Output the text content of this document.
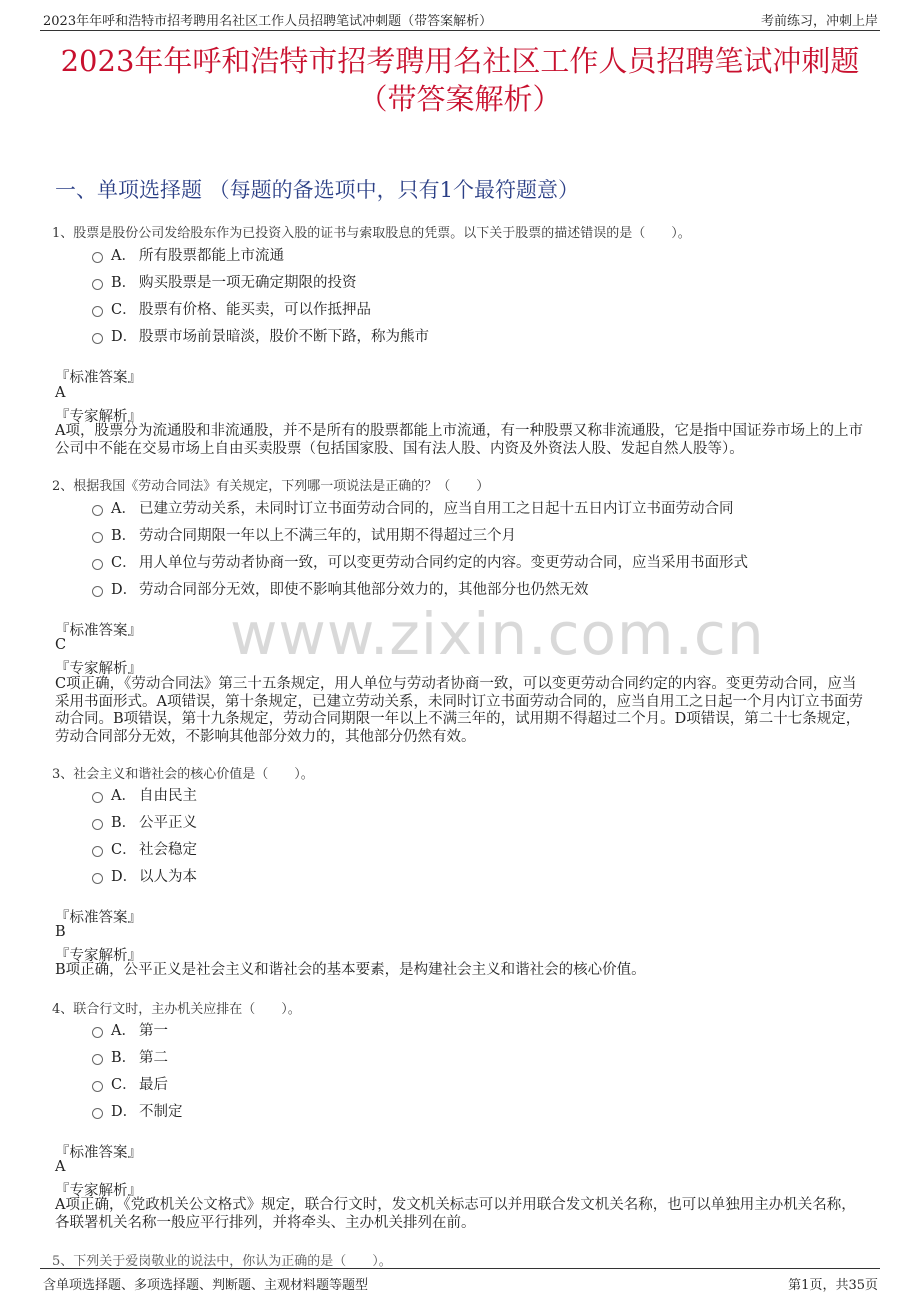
2023年年呼和浩特市招考聘用名社区工作人员招聘笔试冲刺题（带答案解析）	考前练习，冲刺上岸
2023年年呼和浩特市招考聘用名社区工作人员招聘笔试冲刺题
（带答案解析）
一、单项选择题 （每题的备选项中，只有1个最符题意）
www.zixin.com.cn
1、股票是股份公司发给股东作为已投资入股的证书与索取股息的凭票。以下关于股票的描述错误的是（　　）。
A． 所有股票都能上市流通
B． 购买股票是一项无确定期限的投资
C． 股票有价格、能买卖，可以作抵押品
D． 股票市场前景暗淡，股价不断下路，称为熊市
『标准答案』
A
『专家解析』
A项，股票分为流通股和非流通股，并不是所有的股票都能上市流通，有一种股票又称非流通股，它是指中国证券市场上的上市公司中不能在交易市场上自由买卖股票（包括国家股、国有法人股、内资及外资法人股、发起自然人股等）。
2、根据我国《劳动合同法》有关规定，下列哪一项说法是正确的？（　　）
A． 已建立劳动关系，未同时订立书面劳动合同的，应当自用工之日起十五日内订立书面劳动合同
B． 劳动合同期限一年以上不满三年的，试用期不得超过三个月
C． 用人单位与劳动者协商一致，可以变更劳动合同约定的内容。变更劳动合同，应当采用书面形式
D． 劳动合同部分无效，即使不影响其他部分效力的，其他部分也仍然无效
『标准答案』
C
『专家解析』
C项正确，《劳动合同法》第三十五条规定，用人单位与劳动者协商一致，可以变更劳动合同约定的内容。变更劳动合同，应当采用书面形式。A项错误，第十条规定，已建立劳动关系，未同时订立书面劳动合同的，应当自用工之日起一个月内订立书面劳动合同。B项错误，第十九条规定，劳动合同期限一年以上不满三年的，试用期不得超过二个月。D项错误，第二十七条规定，劳动合同部分无效，不影响其他部分效力的，其他部分仍然有效。
3、社会主义和谐社会的核心价值是（　　）。
A． 自由民主
B． 公平正义
C． 社会稳定
D． 以人为本
『标准答案』
B
『专家解析』
B项正确，公平正义是社会主义和谐社会的基本要素，是构建社会主义和谐社会的核心价值。
4、联合行文时，主办机关应排在（　　）。
A． 第一
B． 第二
C． 最后
D． 不制定
『标准答案』
A
『专家解析』
A项正确，《党政机关公文格式》规定，联合行文时，发文机关标志可以并用联合发文机关名称，也可以单独用主办机关名称，各联署机关名称一般应平行排列，并将牵头、主办机关排列在前。
5、下列关于爱岗敬业的说法中，你认为正确的是（　　）。
含单项选择题、多项选择题、判断题、主观材料题等题型	第1页，共35页
